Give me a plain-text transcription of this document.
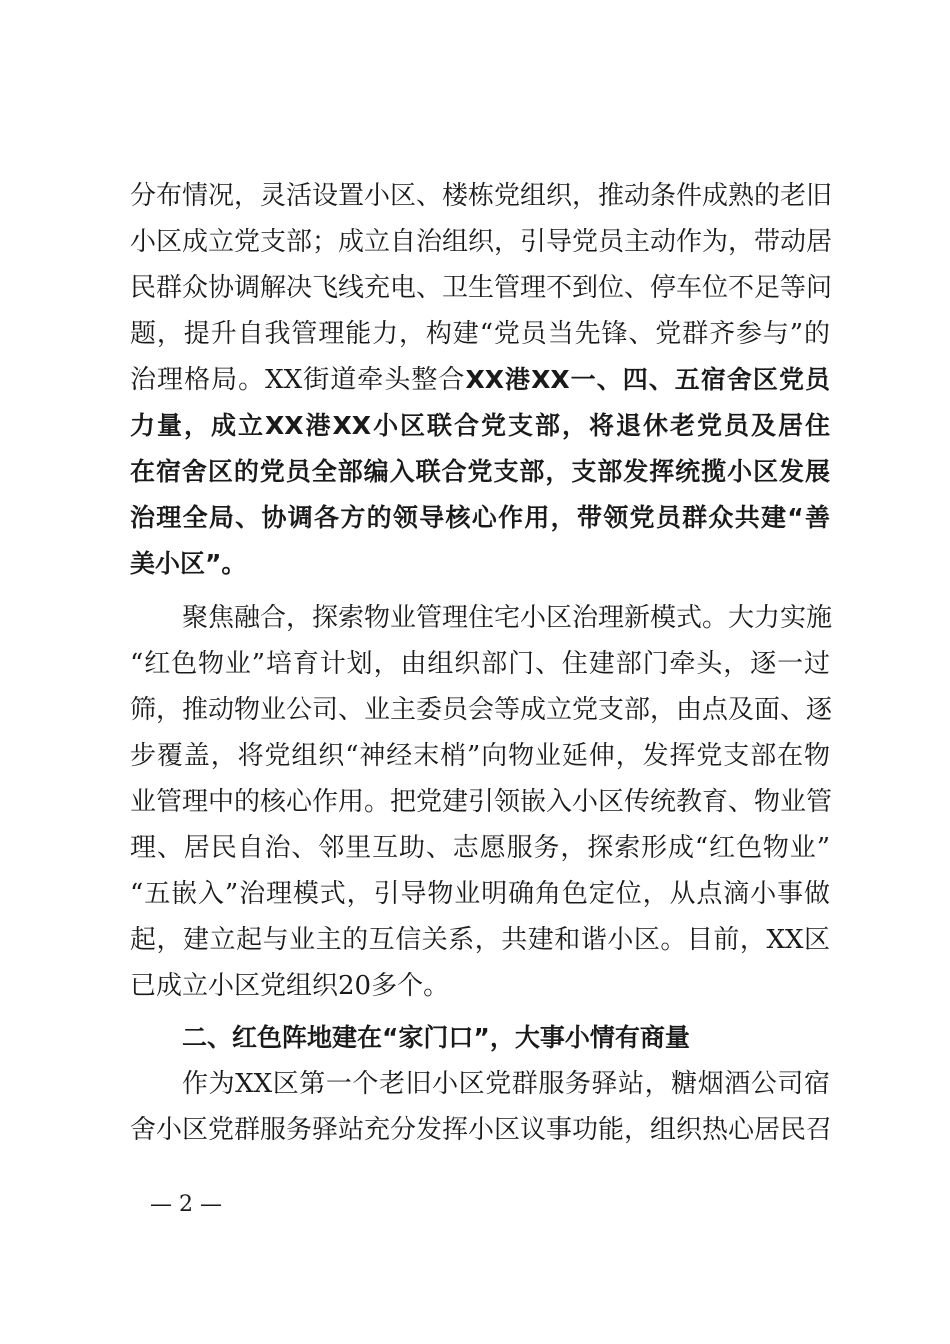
分布情况，灵活设置小区、楼栋党组织，推动条件成熟的老旧
小区成立党支部；成立自治组织，引导党员主动作为，带动居
民群众协调解决飞线充电、卫生管理不到位、停车位不足等问
题，提升自我管理能力，构建“党员当先锋、党群齐参与”的
治理格局。XX街道牵头整合XX港XX一、四、五宿舍区党员
力量，成立XX港XX小区联合党支部，将退休老党员及居住
在宿舍区的党员全部编入联合党支部，支部发挥统揽小区发展
治理全局、协调各方的领导核心作用，带领党员群众共建“善
美小区”。
聚焦融合，探索物业管理住宅小区治理新模式。大力实施
“红色物业”培育计划，由组织部门、住建部门牵头，逐一过
筛，推动物业公司、业主委员会等成立党支部，由点及面、逐
步覆盖，将党组织“神经末梢”向物业延伸，发挥党支部在物
业管理中的核心作用。把党建引领嵌入小区传统教育、物业管
理、居民自治、邻里互助、志愿服务，探索形成“红色物业”
“五嵌入”治理模式，引导物业明确角色定位，从点滴小事做
起，建立起与业主的互信关系，共建和谐小区。目前，XX区
已成立小区党组织20多个。
二、红色阵地建在“家门口”，大事小情有商量
作为XX区第一个老旧小区党群服务驿站，糖烟酒公司宿
舍小区党群服务驿站充分发挥小区议事功能，组织热心居民召
— 2 —
